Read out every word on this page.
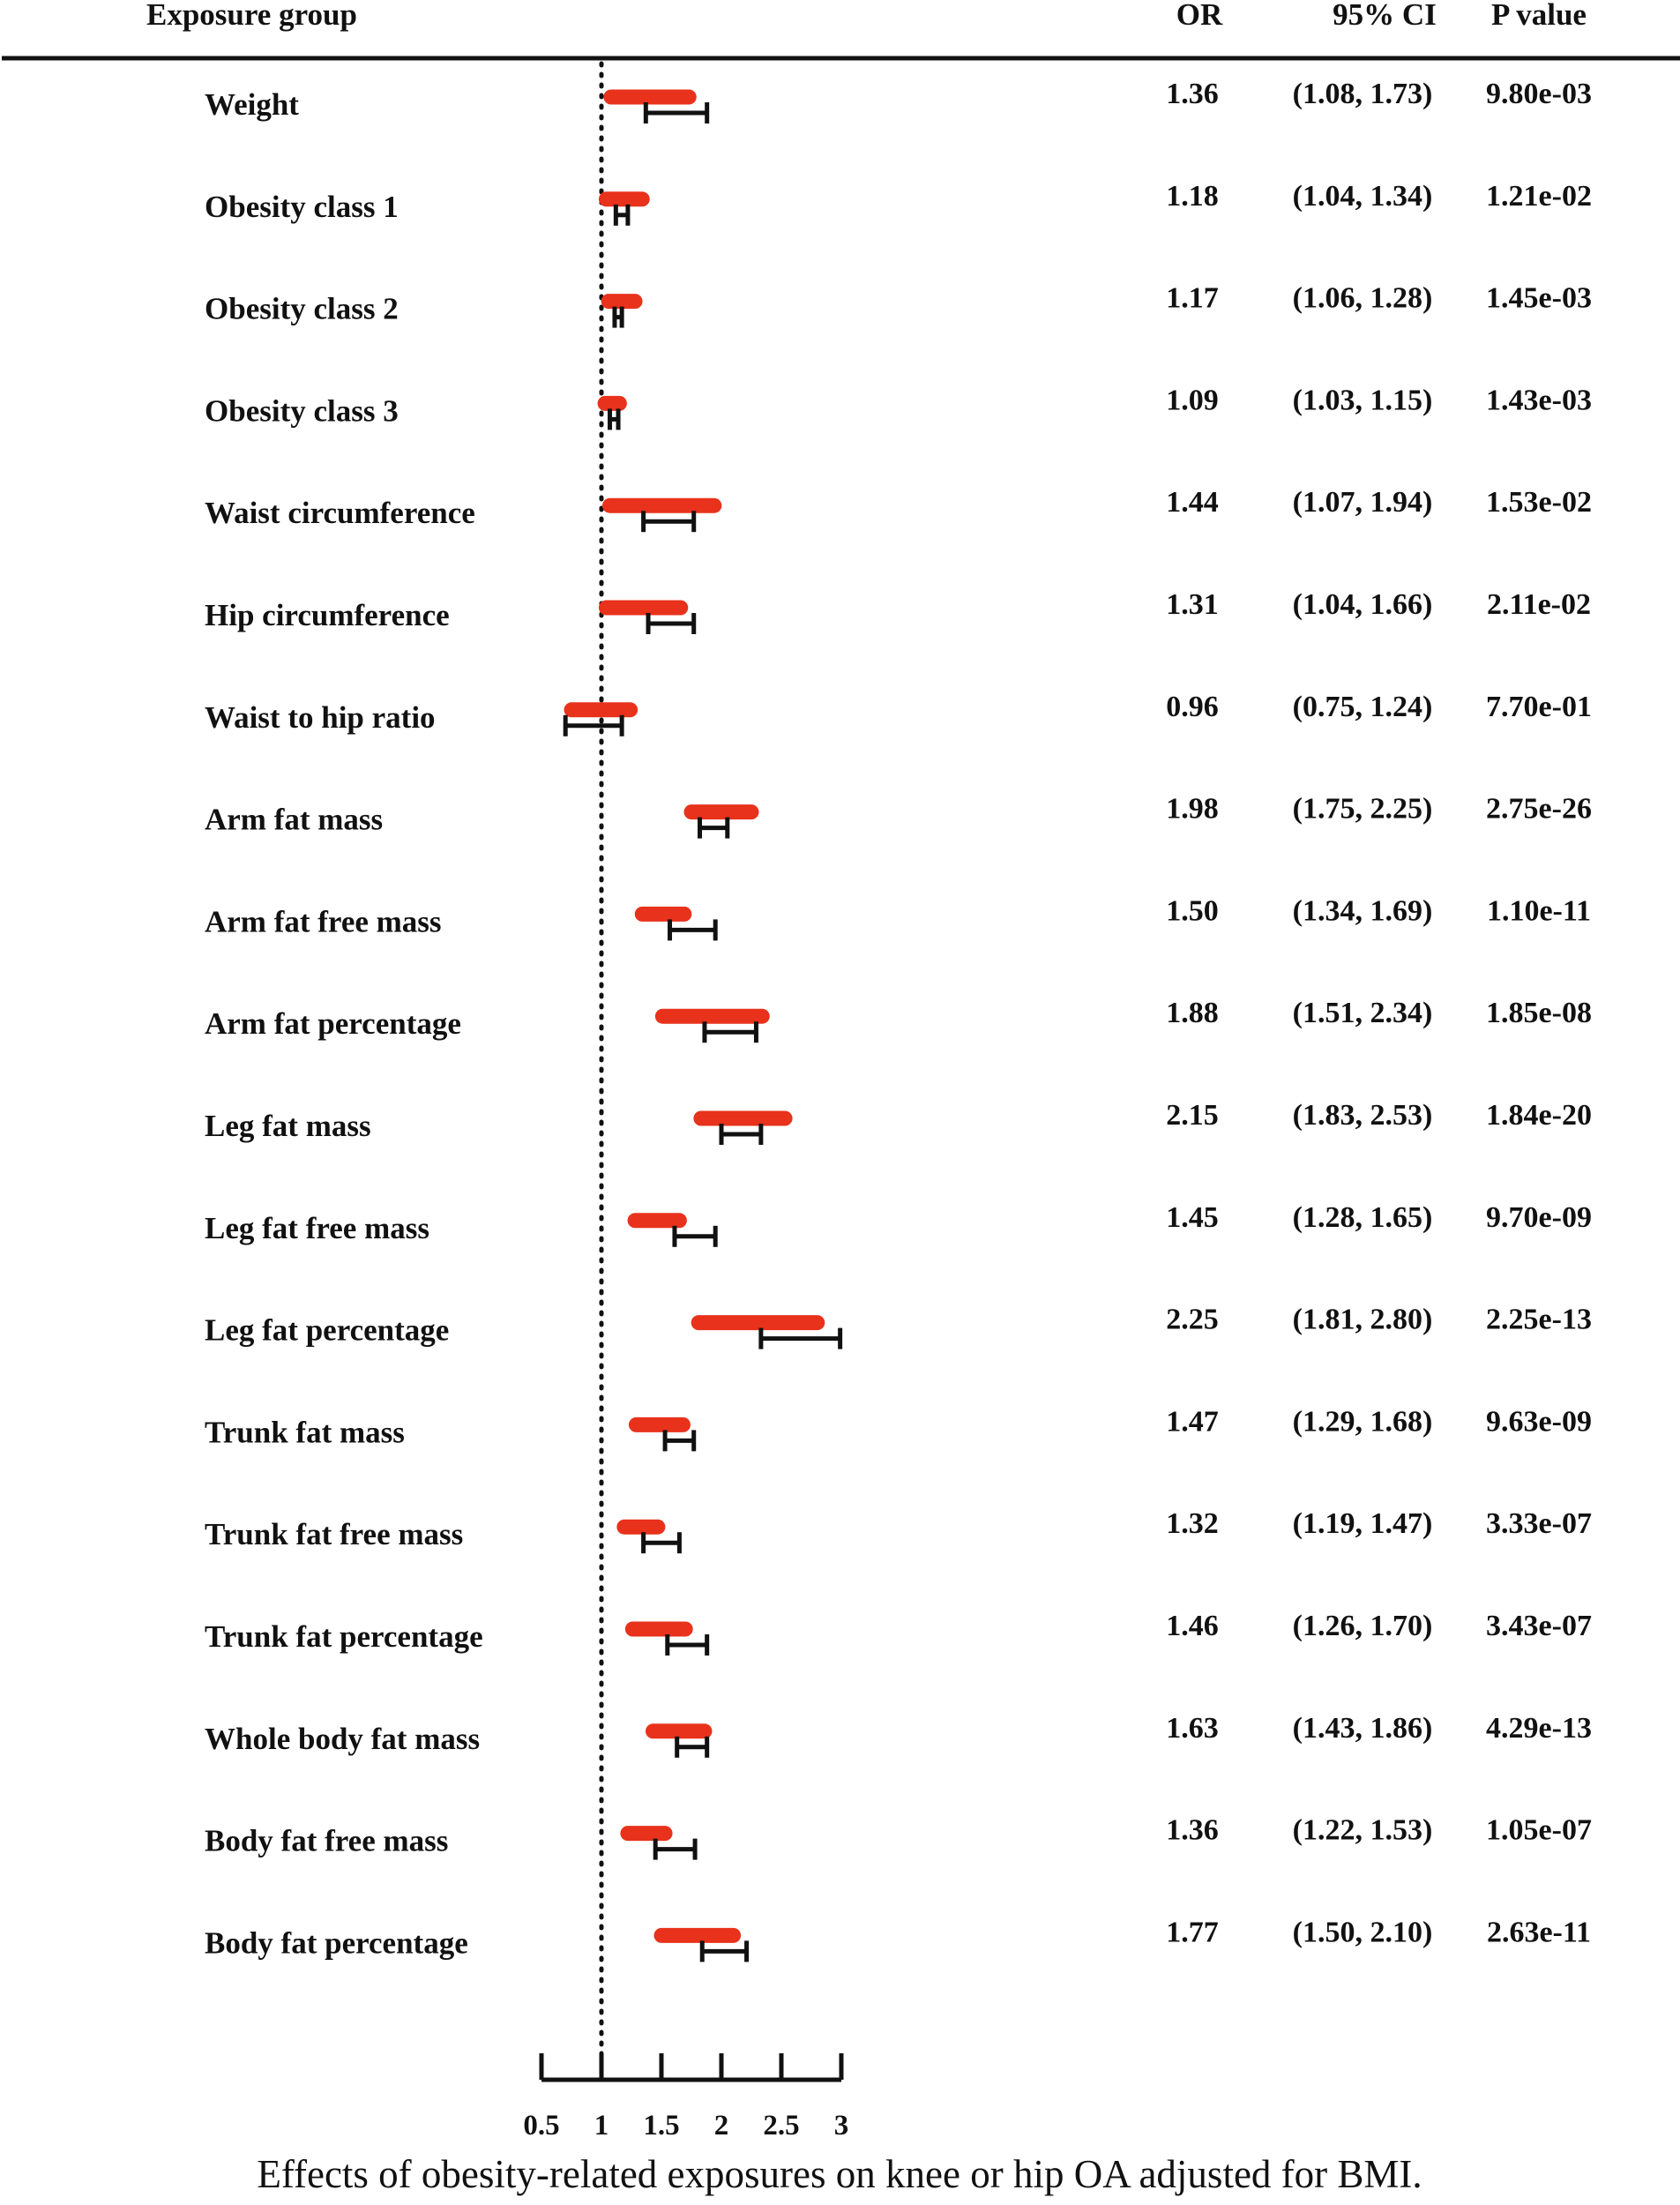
Exposure group	OR	95% CI P value
Weight	1.36 (1.08, 1.73) 9.80e-03
Obesity class 1	1.18 (1.04, 1.34) 1.21e-02
Obesity class 2	1.17 (1.06, 1.28) 1.45e-03
Obesity class 3	1.09 (1.03, 1.15) 1.43e-03
Waist circumference	1.44 (1.07, 1.94) 1.53e-02
Hip circumference	1.31 (1.04, 1.66) 2.11e-02
Waist to hip ratio	0.96 (0.75, 1.24) 7.70e-01
Arm fat mass	1.98 (1.75, 2.25) 2.75e-26
Arm fat free mass	1.50 (1.34, 1.69) 1.10e-11
Arm fat percentage	1.88 (1.51, 2.34) 1.85e-08
Leg fat mass	2.15 (1.83, 2.53) 1.84e-20
Leg fat free mass	1.45 (1.28, 1.65) 9.70e-09
Leg fat percentage	2.25 (1.81, 2.80) 2.25e-13
Trunk fat mass	1.47 (1.29, 1.68) 9.63e-09
Trunk fat free mass	1.32 (1.19, 1.47) 3.33e-07
Trunk fat percentage	1.46 (1.26, 1.70) 3.43e-07
Whole body fat mass	1.63 (1.43, 1.86) 4.29e-13
Body fat free mass	1.36 (1.22, 1.53) 1.05e-07
Body fat percentage	1.77 (1.50, 2.10) 2.63e-11
0.5 1 1.5 2 2.5 3
Effects of obesity-related exposures on knee or hip OA adjusted for BMI.
